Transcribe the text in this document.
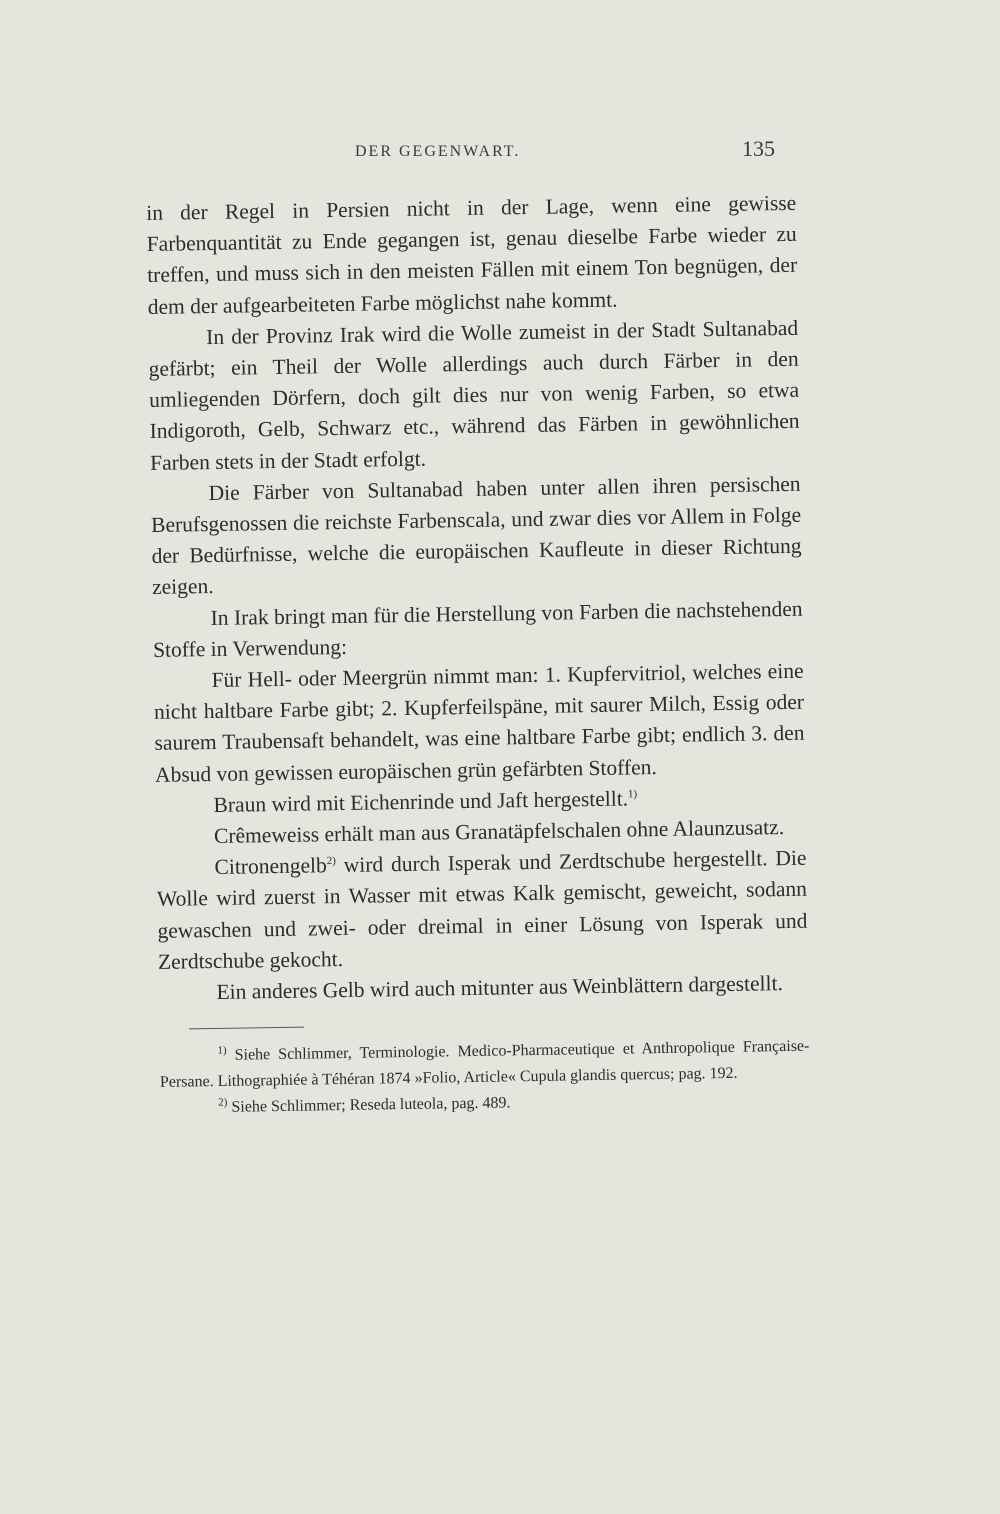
DER GEGENWART.	135

in der Regel in Persien nicht in der Lage, wenn eine gewisse Farbenquantität zu Ende gegangen ist, genau dieselbe Farbe wieder zu treffen, und muss sich in den meisten Fällen mit einem Ton begnügen, der dem der aufgearbeiteten Farbe möglichst nahe kommt.

In der Provinz Irak wird die Wolle zumeist in der Stadt Sultanabad gefärbt; ein Theil der Wolle allerdings auch durch Färber in den umliegenden Dörfern, doch gilt dies nur von wenig Farben, so etwa Indigoroth, Gelb, Schwarz etc., während das Färben in gewöhnlichen Farben stets in der Stadt erfolgt.

Die Färber von Sultanabad haben unter allen ihren persischen Berufsgenossen die reichste Farbenscala, und zwar dies vor Allem in Folge der Bedürfnisse, welche die europäischen Kaufleute in dieser Richtung zeigen.

In Irak bringt man für die Herstellung von Farben die nachstehenden Stoffe in Verwendung:

Für Hell- oder Meergrün nimmt man: 1. Kupfervitriol, welches eine nicht haltbare Farbe gibt; 2. Kupferfeilspäne, mit saurer Milch, Essig oder saurem Traubensaft behandelt, was eine haltbare Farbe gibt; endlich 3. den Absud von gewissen europäischen grün gefärbten Stoffen.

Braun wird mit Eichenrinde und Jaft hergestellt.$^{1)}$

Crêmeweiss erhält man aus Granatäpfelschalen ohne Alaunzusatz.

Citronengelb$^{2)}$ wird durch Isperak und Zerdtschube hergestellt. Die Wolle wird zuerst in Wasser mit etwas Kalk gemischt, geweicht, sodann gewaschen und zwei- oder dreimal in einer Lösung von Isperak und Zerdtschube gekocht.

Ein anderes Gelb wird auch mitunter aus Weinblättern dargestellt.

$^{1)}$ Siehe Schlimmer, Terminologie. Medico-Pharmaceutique et Anthropolique Française-Persane. Lithographiée à Téhéran 1874 »Folio, Article« Cupula glandis quercus; pag. 192.

$^{2)}$ Siehe Schlimmer; Reseda luteola, pag. 489.
